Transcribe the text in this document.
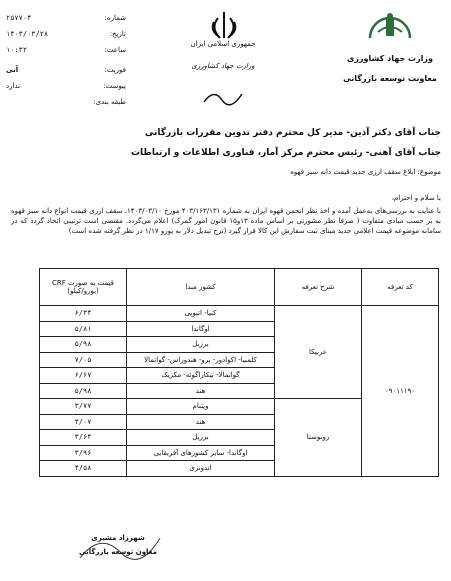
وزارت جهاد کشاورزی
معاونت توسعه بازرگانی
جمهوری اسلامی ایران
وزارت جهاد کشاورزی
شماره:
۲۵۷۷۰۴
تاریخ:
۱۴۰۳/۰۳/۲۸
ساعت:
۱۰:۳۲
فوریت:
آنی
پیوست:
ندارد
طبقه بندی:
جناب آقای دکتر آذین- مدیر کل محترم دفتر تدوین مقررات بازرگانی
جناب آقای آهنی- رئیس محترم مرکز آمار، فناوری اطلاعات و ارتباطات
موضوع: ابلاغ سقف ارزی جدید قیمت دانه سبز قهوه
با سلام و احترام،
با عنایت به بررسی‌های به‌عمل آمده و اخذ نظر انجمن قهوه ایران به شماره ۴۰۳/۱۶۳/۱۳۱ مورخ ۱۴۰۳/۰۳/۱۰، سقف ارزی قیمت انواع دانه سبز قهوه به بر حسب مبادی متفاوت ( صرفا نظر مشورتی بر اساس ماده ۱۳و۱۵ قانون امور گمرک) اعلام می‌گردد. مقتضی است ترتیبی اتخاذ گردد که در سامانه موضوعه قیمت اعلامی جدید مبنای ثبت سفارش این کالا قرار گیرد (نرخ تبدیل دلار به یورو ۱/۱۷ در نظر گرفته شده است)
کد تعرفه	شرح تعرفه	کشور مبدا	قیمت به صورت CRF (یورو/کیلو)
۰۹۰۱۱۱۹۰	عربیکا	کنیا- اتیوپی	۶/۳۴
		اوگاندا	۵/۸۱
		برزیل	۵/۹۸
		کلمبیا- اکوادور- پرو- هندوراس- گواتمالا	۷/۰۵
		گواتمالا- نیکاراگوئه- مکزیک	۶/۶۷
		هند	۵/۹۸
	روبوستا	ویتنام	۳/۷۷
		هند	۴/۰۷
		برزیل	۳/۶۴
		اوگاندا- سایر کشورهای آفریقایی	۳/۹۶
		اندونزی	۴/۵۸
شهرزاد مشیری
معاون توسعه بازرگانی
